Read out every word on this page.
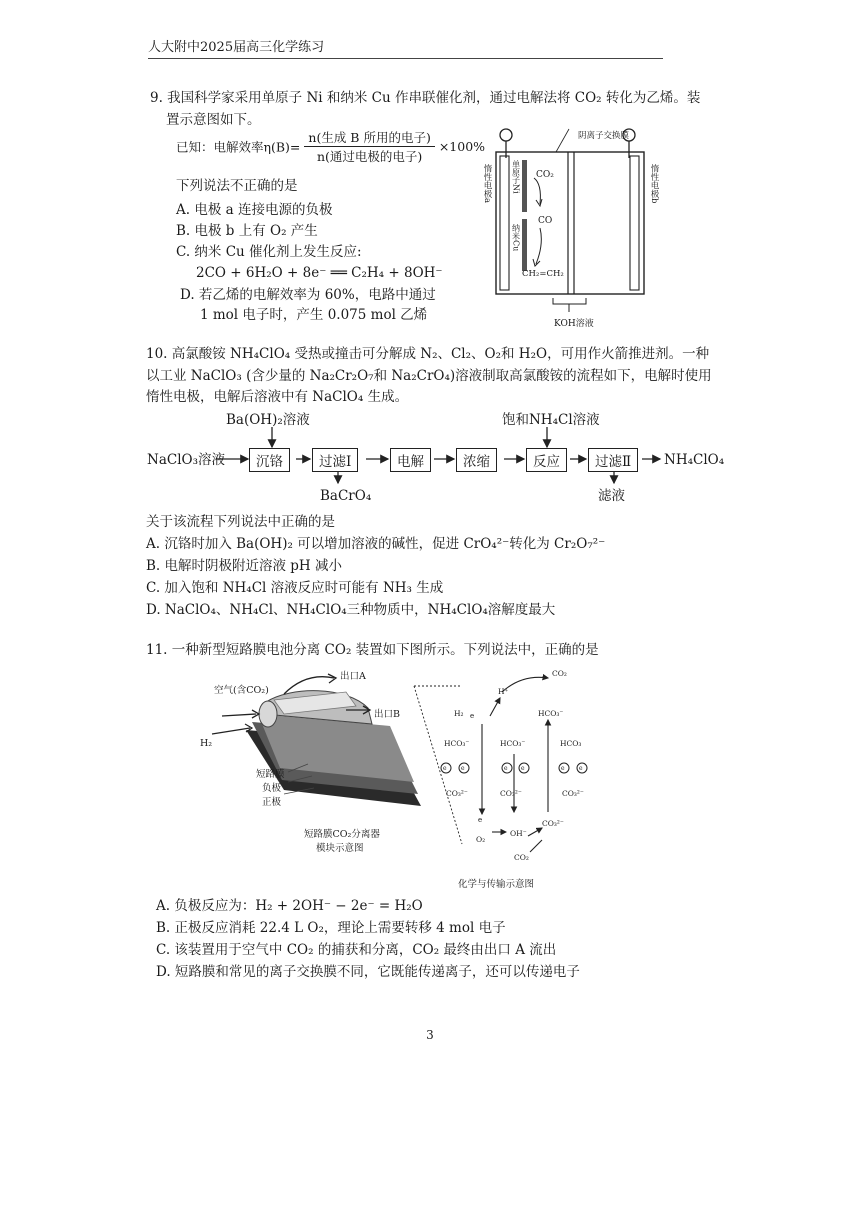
人大附中2025届高三化学练习
9. 我国科学家采用单原子 Ni 和纳米 Cu 作串联催化剂，通过电解法将 CO₂ 转化为乙烯。装
置示意图如下。
已知：电解效率$\eta(B)= \frac{\text{n(生成 B 所用的电子)}}{\text{n(通过电极的电子)}} \times 100\%$
下列说法不正确的是
A. 电极 a 连接电源的负极
B. 电极 b 上有 O₂ 产生
C. 纳米 Cu 催化剂上发生反应:
2CO + 6H₂O + 8e⁻ ══ C₂H₄ + 8OH⁻
D. 若乙烯的电解效率为 60%，电路中通过
1 mol 电子时，产生 0.075 mol 乙烯
阴离子交换膜
CO₂
CO
CH₂=CH₂
KOH溶液
惰性电极a	惰性电极b
单原子Ni
纳米Cu
10. 高氯酸铵 NH₄ClO₄ 受热或撞击可分解成 N₂、Cl₂、O₂和 H₂O，可用作火箭推进剂。一种
以工业 NaClO₃ (含少量的 Na₂Cr₂O₇和 Na₂CrO₄)溶液制取高氯酸铵的流程如下，电解时使用
惰性电极，电解后溶液中有 NaClO₄ 生成。
Ba(OH)₂溶液	饱和NH₄Cl溶液
NaClO₃溶液	沉铬	过滤Ⅰ	电解	浓缩	反应	过滤Ⅱ	NH₄ClO₄
BaCrO₄	滤液
关于该流程下列说法中正确的是
A. 沉铬时加入 Ba(OH)₂ 可以增加溶液的碱性，促进 CrO₄²⁻转化为 Cr₂O₇²⁻
B. 电解时阴极附近溶液 pH 减小
C. 加入饱和 NH₄Cl 溶液反应时可能有 NH₃ 生成
D. NaClO₄、NH₄Cl、NH₄ClO₄三种物质中，NH₄ClO₄溶解度最大
11. 一种新型短路膜电池分离 CO₂ 装置如下图所示。下列说法中，正确的是
空气(含CO₂)
出口A
出口B
H₂
短路膜
负极
正极
短路膜CO₂分离器
模块示意图
e e	e e	e e
H⁺
CO₂
H₂ e	HCO₃⁻
HCO₃⁻	HCO₃⁻	HCO₃
CO₃²⁻	CO₃²⁻	CO₃²⁻
CO₃²⁻
e
OH⁻
O₂
CO₂
化学与传输示意图
A. 负极反应为：H₂ + 2OH⁻ − 2e⁻ = H₂O
B. 正极反应消耗 22.4 L O₂，理论上需要转移 4 mol 电子
C. 该装置用于空气中 CO₂ 的捕获和分离，CO₂ 最终由出口 A 流出
D. 短路膜和常见的离子交换膜不同，它既能传递离子，还可以传递电子
3
